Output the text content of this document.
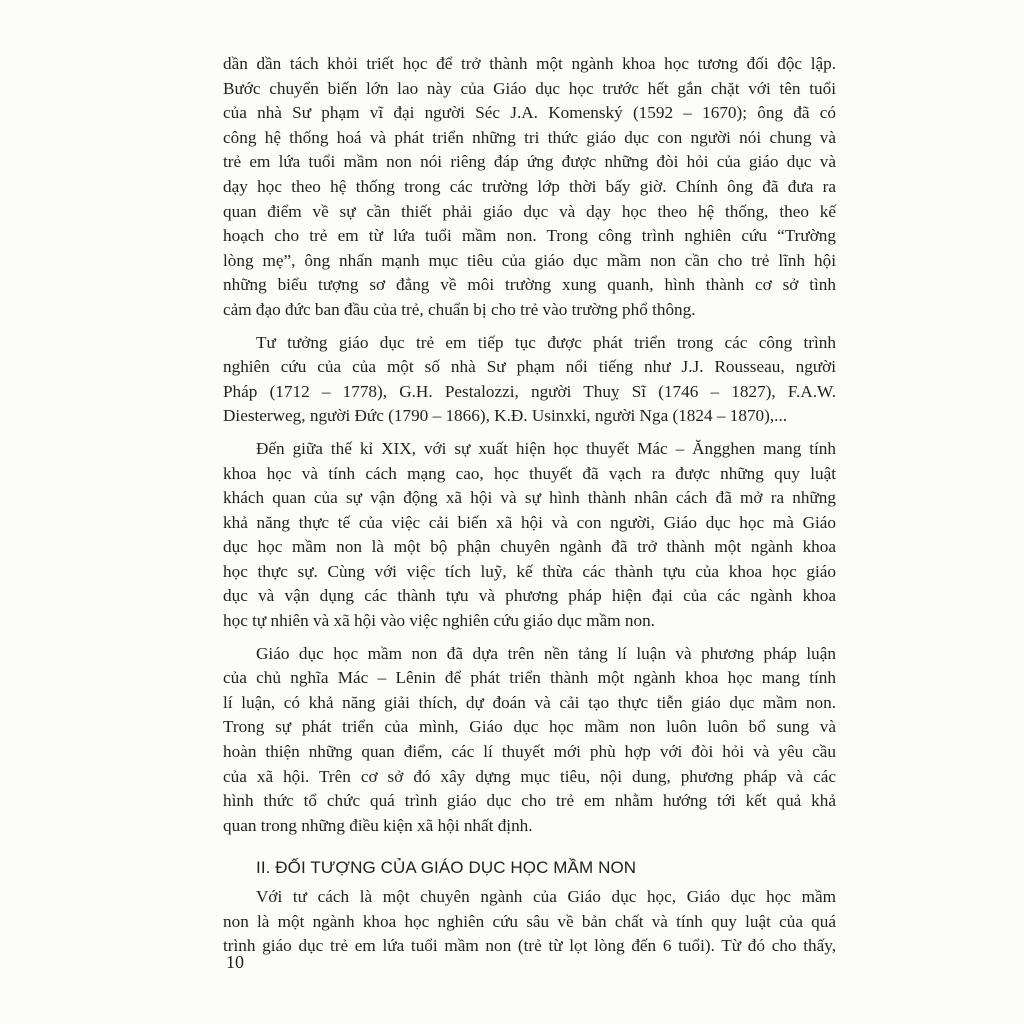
dần dần tách khỏi triết học để trở thành một ngành khoa học tương đối độc lập.
Bước chuyển biến lớn lao này của Giáo dục học trước hết gắn chặt với tên tuổi
của nhà Sư phạm vĩ đại người Séc J.A. Komenský (1592 – 1670); ông đã có
công hệ thống hoá và phát triển những tri thức giáo dục con người nói chung và
trẻ em lứa tuổi mầm non nói riêng đáp ứng được những đòi hỏi của giáo dục và
dạy học theo hệ thống trong các trường lớp thời bấy giờ. Chính ông đã đưa ra
quan điểm về sự cần thiết phải giáo dục và dạy học theo hệ thống, theo kế
hoạch cho trẻ em từ lứa tuổi mầm non. Trong công trình nghiên cứu “Trường
lòng mẹ”, ông nhấn mạnh mục tiêu của giáo dục mầm non cần cho trẻ lĩnh hội
những biểu tượng sơ đẳng về môi trường xung quanh, hình thành cơ sở tình
cảm đạo đức ban đầu của trẻ, chuẩn bị cho trẻ vào trường phổ thông.
Tư tưởng giáo dục trẻ em tiếp tục được phát triển trong các công trình
nghiên cứu của của một số nhà Sư phạm nổi tiếng như J.J. Rousseau, người
Pháp (1712 – 1778), G.H. Pestalozzi, người Thuỵ Sĩ (1746 – 1827), F.A.W.
Diesterweg, người Đức (1790 – 1866), K.Đ. Usinxki, người Nga (1824 – 1870),...
Đến giữa thế kỉ XIX, với sự xuất hiện học thuyết Mác – Ăngghen mang tính
khoa học và tính cách mạng cao, học thuyết đã vạch ra được những quy luật
khách quan của sự vận động xã hội và sự hình thành nhân cách đã mở ra những
khả năng thực tế của việc cải biến xã hội và con người, Giáo dục học mà Giáo
dục học mầm non là một bộ phận chuyên ngành đã trở thành một ngành khoa
học thực sự. Cùng với việc tích luỹ, kế thừa các thành tựu của khoa học giáo
dục và vận dụng các thành tựu và phương pháp hiện đại của các ngành khoa
học tự nhiên và xã hội vào việc nghiên cứu giáo dục mầm non.
Giáo dục học mầm non đã dựa trên nền tảng lí luận và phương pháp luận
của chủ nghĩa Mác – Lênin để phát triển thành một ngành khoa học mang tính
lí luận, có khả năng giải thích, dự đoán và cải tạo thực tiễn giáo dục mầm non.
Trong sự phát triển của mình, Giáo dục học mầm non luôn luôn bổ sung và
hoàn thiện những quan điểm, các lí thuyết mới phù hợp với đòi hỏi và yêu cầu
của xã hội. Trên cơ sở đó xây dựng mục tiêu, nội dung, phương pháp và các
hình thức tổ chức quá trình giáo dục cho trẻ em nhằm hướng tới kết quả khả
quan trong những điều kiện xã hội nhất định.
II. ĐỐI TƯỢNG CỦA GIÁO DỤC HỌC MẦM NON
Với tư cách là một chuyên ngành của Giáo dục học, Giáo dục học mầm
non là một ngành khoa học nghiên cứu sâu về bản chất và tính quy luật của quá
trình giáo dục trẻ em lứa tuổi mầm non (trẻ từ lọt lòng đến 6 tuổi). Từ đó cho thấy,
10
